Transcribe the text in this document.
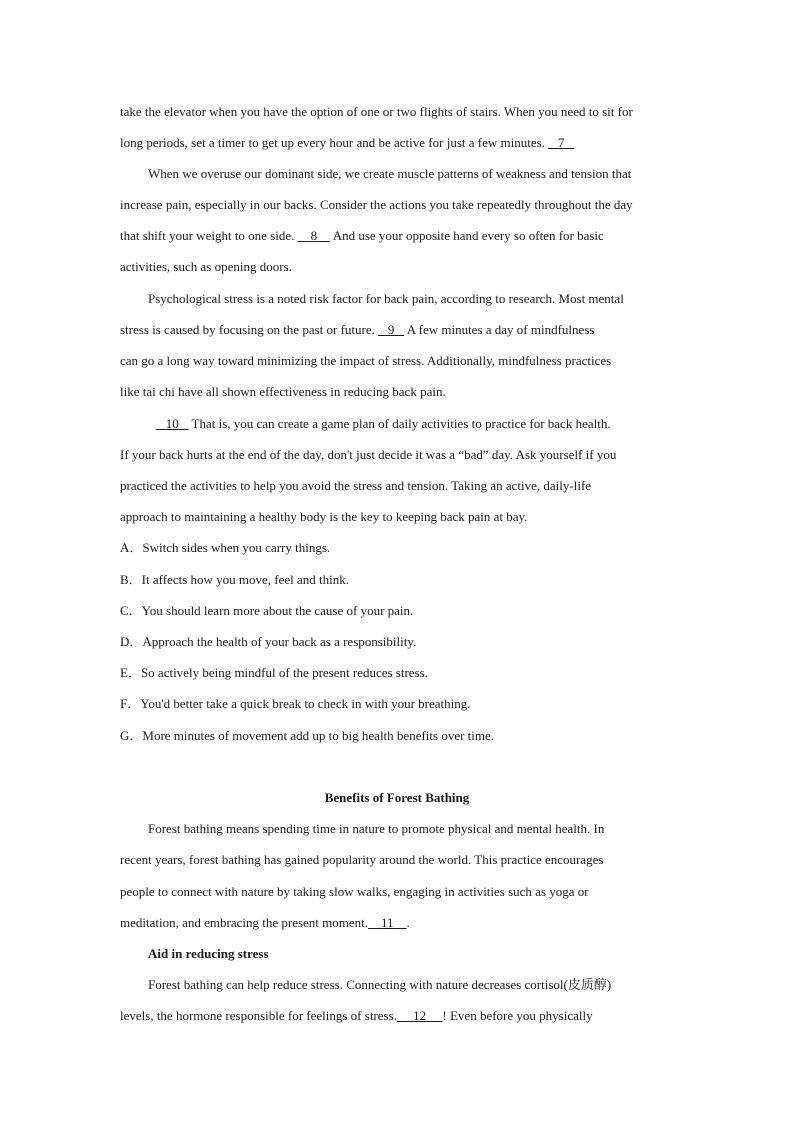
take the elevator when you have the option of one or two flights of stairs. When you need to sit for
long periods, set a timer to get up every hour and be active for just a few minutes. 7
When we overuse our dominant side, we create muscle patterns of weakness and tension that
increase pain, especially in our backs. Consider the actions you take repeatedly throughout the day
that shift your weight to one side. 8 And use your opposite hand every so often for basic
activities, such as opening doors.
Psychological stress is a noted risk factor for back pain, according to research. Most mental
stress is caused by focusing on the past or future. 9 A few minutes a day of mindfulness
can go a long way toward minimizing the impact of stress. Additionally, mindfulness practices
like tai chi have all shown effectiveness in reducing back pain.
10 That is, you can create a game plan of daily activities to practice for back health.
If your back hurts at the end of the day, don't just decide it was a “bad” day. Ask yourself if you
practiced the activities to help you avoid the stress and tension. Taking an active, daily-life
approach to maintaining a healthy body is the key to keeping back pain at bay.
A．Switch sides when you carry things.
B．It affects how you move, feel and think.
C．You should learn more about the cause of your pain.
D．Approach the health of your back as a responsibility.
E．So actively being mindful of the present reduces stress.
F．You'd better take a quick break to check in with your breathing.
G．More minutes of movement add up to big health benefits over time.
Benefits of Forest Bathing
Forest bathing means spending time in nature to promote physical and mental health. In
recent years, forest bathing has gained popularity around the world. This practice encourages
people to connect with nature by taking slow walks, engaging in activities such as yoga or
meditation, and embracing the present moment. 11 .
Aid in reducing stress
Forest bathing can help reduce stress. Connecting with nature decreases cortisol(皮质醇)
levels, the hormone responsible for feelings of stress. 12 ! Even before you physically
